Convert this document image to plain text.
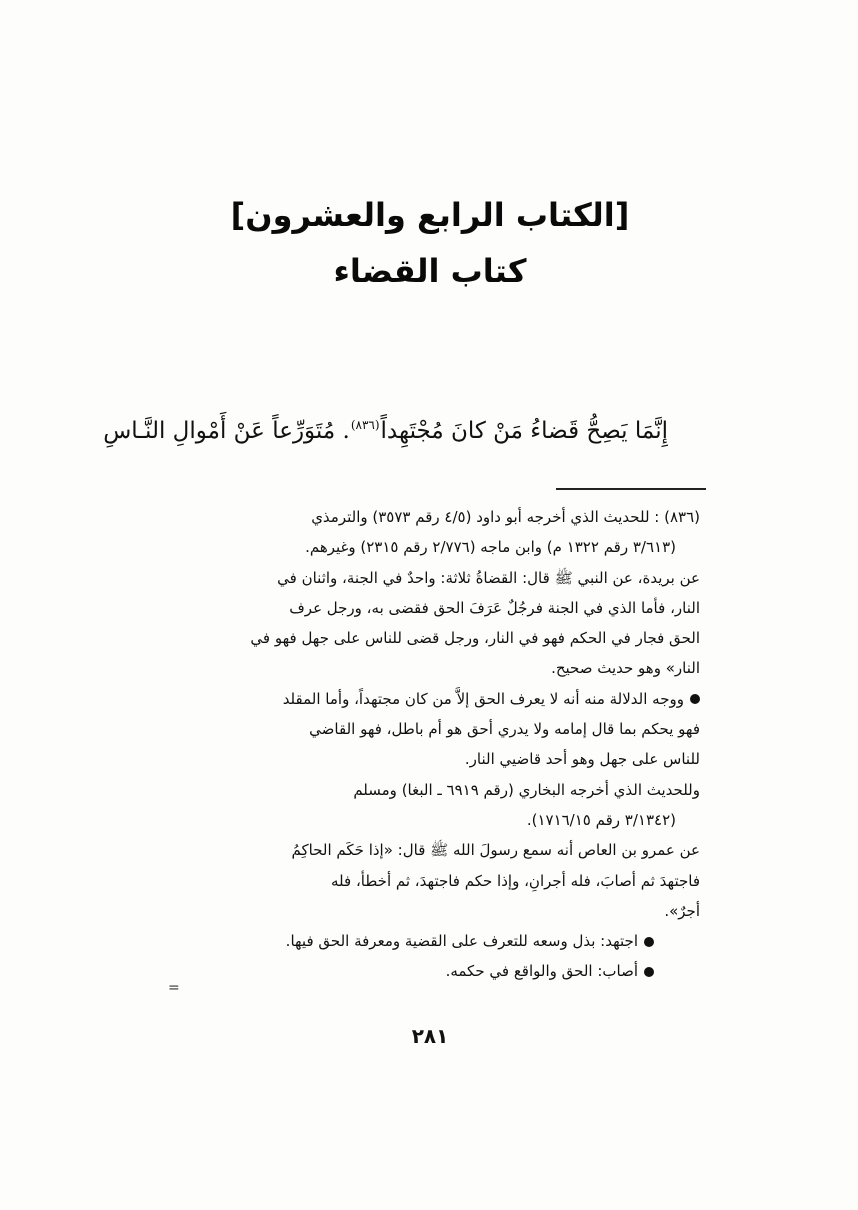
[الكتاب الرابع والعشرون]
كتاب القضاء
إِنَّمَا يَصِحُّ قَضاءُ مَنْ كانَ مُجْتَهِداً$^{(٨٣٦)}$. مُتَوَرِّعاً عَنْ أَمْوالِ النَّـاسِ
(٨٣٦) : للحديث الذي أخرجه أبو داود (٤/٥ رقم ٣٥٧٣) والترمذي
(٣/٦١٣ رقم ١٣٢٢ م) وابن ماجه (٢/٧٧٦ رقم ٢٣١٥) وغيرهم.
عن بريدة، عن النبي ﷺ قال: القضاةُ ثلاثة: واحدٌ في الجنة، واثنان في
النار، فأما الذي في الجنة فرجُلٌ عَرَفَ الحق فقضى به، ورجل عرف
الحق فجار في الحكم فهو في النار، ورجل قضى للناس على جهل فهو في
النار» وهو حديث صحيح.
ووجه الدلالة منه أنه لا يعرف الحق إلاَّ من كان مجتهداً، وأما المقلد
فهو يحكم بما قال إمامه ولا يدري أحق هو أم باطل، فهو القاضي
للناس على جهل وهو أحد قاضيي النار.
وللحديث الذي أخرجه البخاري (رقم ٦٩١٩ ـ البغا) ومسلم
(٣/١٣٤٢ رقم ١٧١٦/١٥).
عن عمرو بن العاص أنه سمع رسولَ الله ﷺ قال: «إذا حَكَم الحاكِمُ
فاجتهدَ ثم أصابَ، فله أجرانِ، وإذا حكم فاجتهدَ، ثم أخطأ، فله
أجرٌ».
اجتهد: بذل وسعه للتعرف على القضية ومعرفة الحق فيها.
أصاب: الحق والواقع في حكمه.
=
٢٨١
